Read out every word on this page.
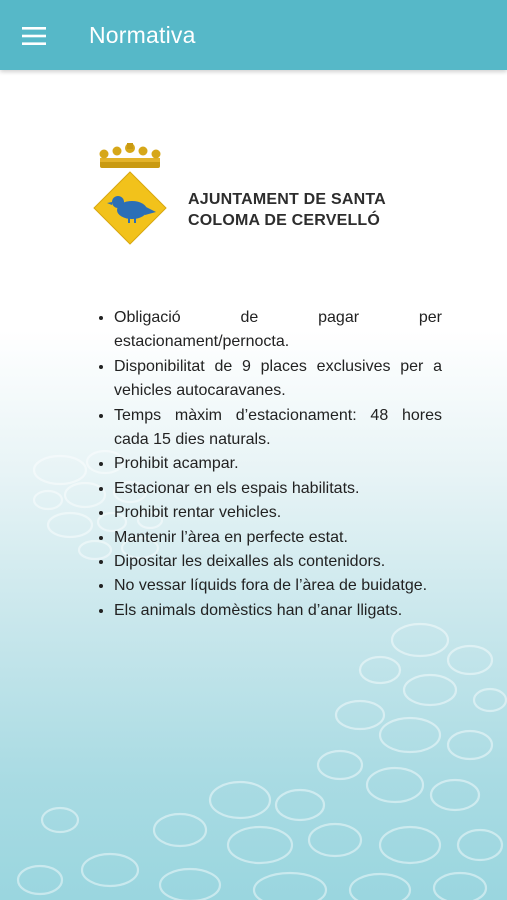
Normativa
AJUNTAMENT DE SANTA
COLOMA DE CERVELLÓ
• Obligació de pagar per estacionament/pernocta.
• Disponibilitat de 9 places exclusives per a vehicles autocaravanes.
• Temps màxim d’estacionament: 48 hores cada 15 dies naturals.
• Prohibit acampar.
• Estacionar en els espais habilitats.
• Prohibit rentar vehicles.
• Mantenir l’àrea en perfecte estat.
• Dipositar les deixalles als contenidors.
• No vessar líquids fora de l’àrea de buidatge.
• Els animals domèstics han d’anar lligats.
